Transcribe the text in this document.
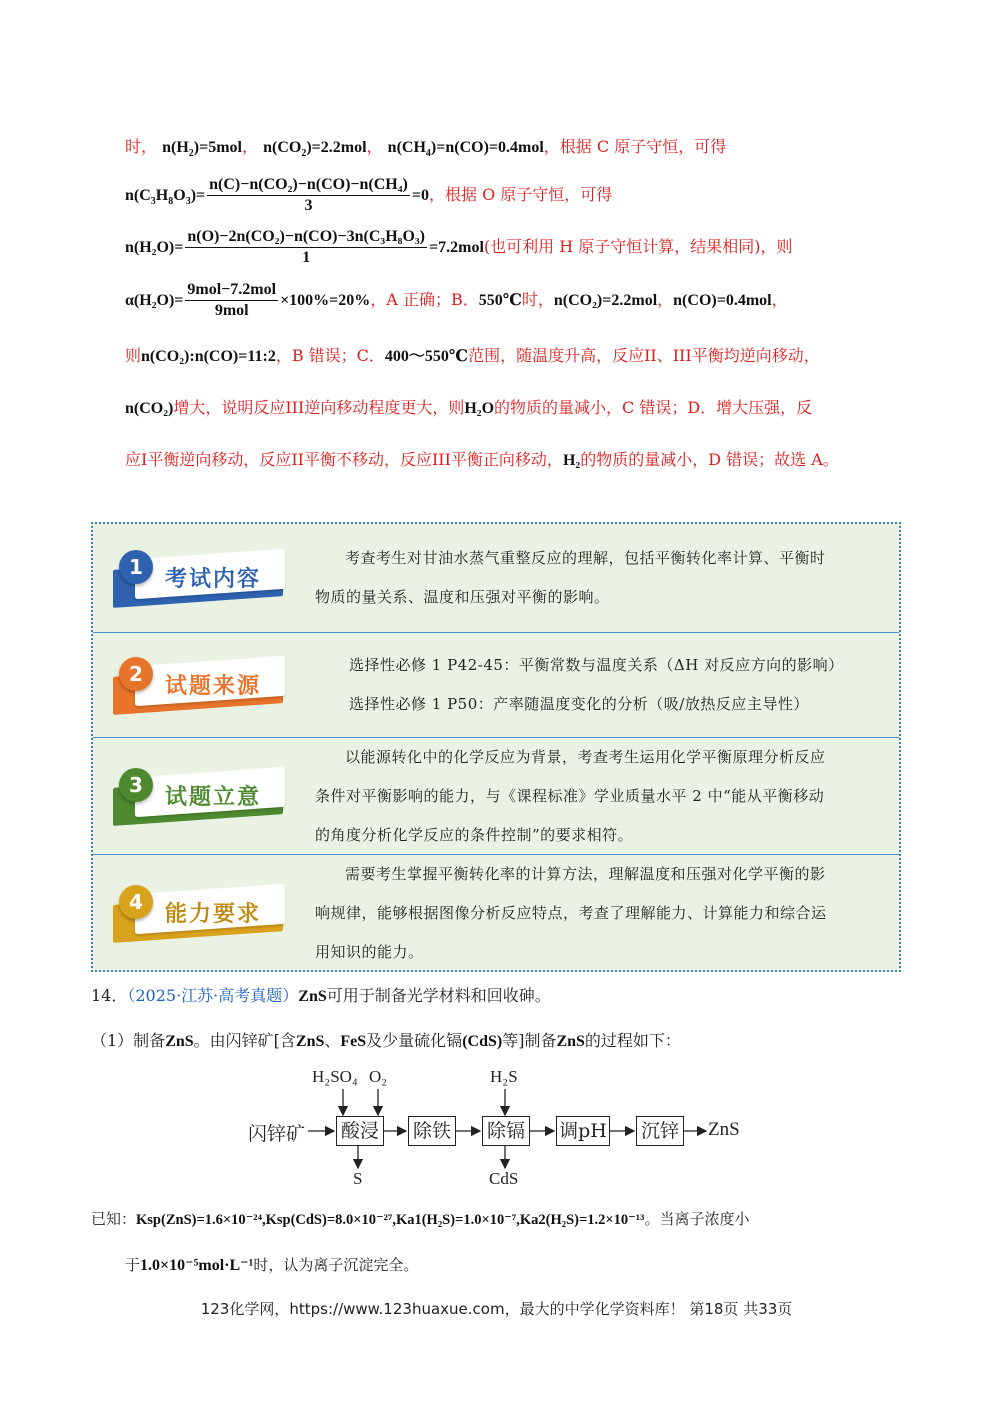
时， $n(H_2)=5mol$， $n(CO_2)=2.2mol$， $n(CH_4)=n(CO)=0.4mol$，根据 C 原子守恒，可得
$n(C_3H_8O_3)= \frac{\text{n(C)−n(CO₂)−n(CO)−n(CH₄)}}{3} =0$，根据 O 原子守恒，可得
$n(H_2O)= \frac{\text{n(O)−2n(CO₂)−n(CO)−3n(C₃H₈O₃)}}{1} =7.2mol$(也可利用 H 原子守恒计算，结果相同)，则
$\alpha(H_2O)= \frac{\text{9mol−7.2mol}}{\text{9mol}} \times 100\%=20\%$，A 正确；B．550℃时，n(CO₂)=2.2mol，n(CO)=0.4mol，
则n(CO₂):n(CO)=11:2，B 错误；C．400～550℃范围，随温度升高，反应II、III平衡均逆向移动，
n(CO₂)增大，说明反应III逆向移动程度更大，则H₂O的物质的量减小，C 错误；D．增大压强，反
应I平衡逆向移动，反应II平衡不移动，反应III平衡正向移动，H₂的物质的量减小，D 错误；故选 A。
1	考试内容
考查考生对甘油水蒸气重整反应的理解，包括平衡转化率计算、平衡时
物质的量关系、温度和压强对平衡的影响。
2	试题来源
选择性必修 1 P42-45：平衡常数与温度关系（ΔH 对反应方向的影响）
选择性必修 1 P50：产率随温度变化的分析（吸/放热反应主导性）
3	试题立意
以能源转化中的化学反应为背景，考查考生运用化学平衡原理分析反应
条件对平衡影响的能力，与《课程标准》学业质量水平 2 中“能从平衡移动
的角度分析化学反应的条件控制”的要求相符。
4	能力要求
需要考生掌握平衡转化率的计算方法，理解温度和压强对化学平衡的影
响规律，能够根据图像分析反应特点，考查了理解能力、计算能力和综合运
用知识的能力。
14．（2025·江苏·高考真题）ZnS可用于制备光学材料和回收砷。
（1）制备ZnS。由闪锌矿[含ZnS、FeS及少量硫化镉(CdS)等]制备ZnS的过程如下：
闪锌矿 酸浸 除铁 除镉 调pH 沉锌 ZnS
H₂SO₄ O₂	H₂S
S	CdS
已知：Ksp(ZnS)=1.6×10⁻²⁴,Ksp(CdS)=8.0×10⁻²⁷,Ka1(H₂S)=1.0×10⁻⁷,Ka2(H₂S)=1.2×10⁻¹³。当离子浓度小
于1.0×10⁻⁵mol·L⁻¹时，认为离子沉淀完全。
123化学网，https://www.123huaxue.com，最大的中学化学资料库！ 第18页 共33页
